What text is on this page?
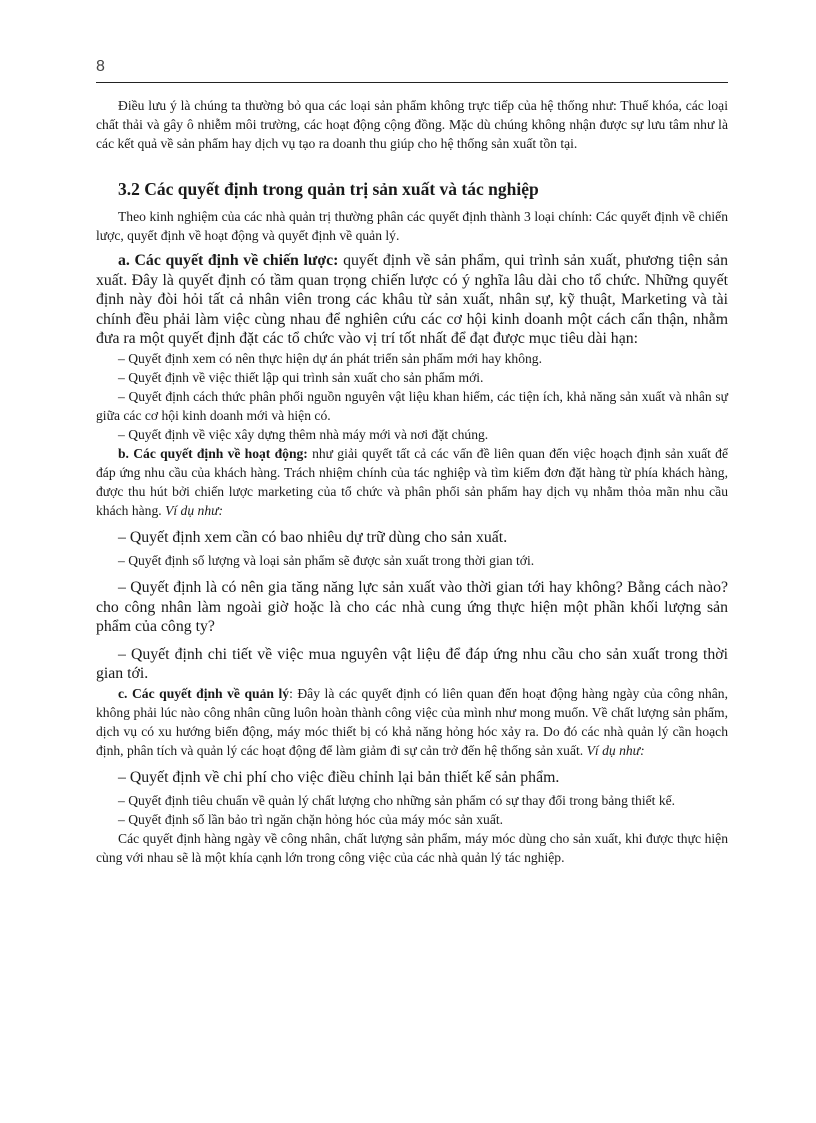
8

Điều lưu ý là chúng ta thường bỏ qua các loại sản phẩm không trực tiếp của hệ thống như: Thuế khóa, các loại chất thải và gây ô nhiễm môi trường, các hoạt động cộng đồng. Mặc dù chúng không nhận được sự lưu tâm như là các kết quả về sản phẩm hay dịch vụ tạo ra doanh thu giúp cho hệ thống sản xuất tồn tại.

3.2 Các quyết định trong quản trị sản xuất và tác nghiệp

Theo kinh nghiệm của các nhà quản trị thường phân các quyết định thành 3 loại chính: Các quyết định về chiến lược, quyết định về hoạt động và quyết định về quản lý.

a. Các quyết định về chiến lược: quyết định về sản phẩm, qui trình sản xuất, phương tiện sản xuất. Đây là quyết định có tầm quan trọng chiến lược có ý nghĩa lâu dài cho tổ chức. Những quyết định này đòi hỏi tất cả nhân viên trong các khâu từ sản xuất, nhân sự, kỹ thuật, Marketing và tài chính đều phải làm việc cùng nhau để nghiên cứu các cơ hội kinh doanh một cách cẩn thận, nhằm đưa ra một quyết định đặt các tổ chức vào vị trí tốt nhất để đạt được mục tiêu dài hạn:

– Quyết định xem có nên thực hiện dự án phát triển sản phẩm mới hay không.

– Quyết định về việc thiết lập qui trình sản xuất cho sản phẩm mới.

– Quyết định cách thức phân phối nguồn nguyên vật liệu khan hiếm, các tiện ích, khả năng sản xuất và nhân sự giữa các cơ hội kinh doanh mới và hiện có.

– Quyết định về việc xây dựng thêm nhà máy mới và nơi đặt chúng.

b. Các quyết định về hoạt động: như giải quyết tất cả các vấn đề liên quan đến việc hoạch định sản xuất để đáp ứng nhu cầu của khách hàng. Trách nhiệm chính của tác nghiệp và tìm kiếm đơn đặt hàng từ phía khách hàng, được thu hút bởi chiến lược marketing của tổ chức và phân phối sản phẩm hay dịch vụ nhằm thỏa mãn nhu cầu khách hàng. Ví dụ như:

– Quyết định xem cần có bao nhiêu dự trữ dùng cho sản xuất.

– Quyết định số lượng và loại sản phẩm sẽ được sản xuất trong thời gian tới.

– Quyết định là có nên gia tăng năng lực sản xuất vào thời gian tới hay không? Bằng cách nào? cho công nhân làm ngoài giờ hoặc là cho các nhà cung ứng thực hiện một phần khối lượng sản phẩm của công ty?

– Quyết định chi tiết về việc mua nguyên vật liệu để đáp ứng nhu cầu cho sản xuất trong thời gian tới.

c. Các quyết định về quản lý: Đây là các quyết định có liên quan đến hoạt động hàng ngày của công nhân, không phải lúc nào công nhân cũng luôn hoàn thành công việc của mình như mong muốn. Về chất lượng sản phẩm, dịch vụ có xu hướng biến động, máy móc thiết bị có khả năng hỏng hóc xảy ra. Do đó các nhà quản lý cần hoạch định, phân tích và quản lý các hoạt động để làm giảm đi sự cản trở đến hệ thống sản xuất. Ví dụ như:

– Quyết định về chi phí cho việc điều chỉnh lại bản thiết kế sản phẩm.

– Quyết định tiêu chuẩn về quản lý chất lượng cho những sản phẩm có sự thay đổi trong bảng thiết kế.

– Quyết định số lần bảo trì ngăn chặn hỏng hóc của máy móc sản xuất.

Các quyết định hàng ngày về công nhân, chất lượng sản phẩm, máy móc dùng cho sản xuất, khi được thực hiện cùng với nhau sẽ là một khía cạnh lớn trong công việc của các nhà quản lý tác nghiệp.
